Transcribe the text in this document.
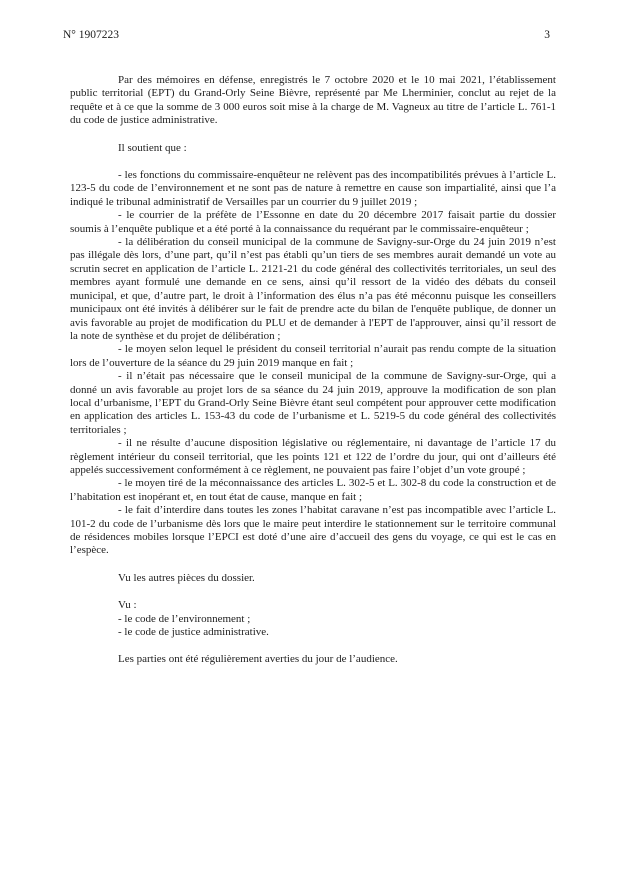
N° 1907223	3

Par des mémoires en défense, enregistrés le 7 octobre 2020 et le 10 mai 2021, l’établissement public territorial (EPT) du Grand-Orly Seine Bièvre, représenté par Me Lherminier, conclut au rejet de la requête et à ce que la somme de 3 000 euros soit mise à la charge de M. Vagneux au titre de l’article L. 761-1 du code de justice administrative.

Il soutient que :

- les fonctions du commissaire-enquêteur ne relèvent pas des incompatibilités prévues à l’article L. 123-5 du code de l’environnement et ne sont pas de nature à remettre en cause son impartialité, ainsi que l’a indiqué le tribunal administratif de Versailles par un courrier du 9 juillet 2019 ;

- le courrier de la préfète de l’Essonne en date du 20 décembre 2017 faisait partie du dossier soumis à l’enquête publique et a été porté à la connaissance du requérant par le commissaire-enquêteur ;

- la délibération du conseil municipal de la commune de Savigny-sur-Orge du 24 juin 2019 n’est pas illégale dès lors, d’une part, qu’il n’est pas établi qu’un tiers de ses membres aurait demandé un vote au scrutin secret en application de l’article L. 2121-21 du code général des collectivités territoriales, un seul des membres ayant formulé une demande en ce sens, ainsi qu’il ressort de la vidéo des débats du conseil municipal, et que, d’autre part, le droit à l’information des élus n’a pas été méconnu puisque les conseillers municipaux ont été invités à délibérer sur le fait de prendre acte du bilan de l'enquête publique, de donner un avis favorable au projet de modification du PLU et de demander à l'EPT de l'approuver, ainsi qu’il ressort de la note de synthèse et du projet de délibération ;

- le moyen selon lequel le président du conseil territorial n’aurait pas rendu compte de la situation lors de l’ouverture de la séance du 29 juin 2019 manque en fait ;

- il n’était pas nécessaire que le conseil municipal de la commune de Savigny-sur-Orge, qui a donné un avis favorable au projet lors de sa séance du 24 juin 2019, approuve la modification de son plan local d’urbanisme, l’EPT du Grand-Orly Seine Bièvre étant seul compétent pour approuver cette modification en application des articles L. 153-43 du code de l’urbanisme et L. 5219-5 du code général des collectivités territoriales ;

- il ne résulte d’aucune disposition législative ou réglementaire, ni davantage de l’article 17 du règlement intérieur du conseil territorial, que les points 121 et 122 de l’ordre du jour, qui ont d’ailleurs été appelés successivement conformément à ce règlement, ne pouvaient pas faire l’objet d’un vote groupé ;

- le moyen tiré de la méconnaissance des articles L. 302-5 et L. 302-8 du code la construction et de l’habitation est inopérant et, en tout état de cause, manque en fait ;

- le fait d’interdire dans toutes les zones l’habitat caravane n’est pas incompatible avec l’article L. 101-2 du code de l’urbanisme dès lors que le maire peut interdire le stationnement sur le territoire communal de résidences mobiles lorsque l’EPCI est doté d’une aire d’accueil des gens du voyage, ce qui est le cas en l’espèce.

Vu les autres pièces du dossier.

Vu :

- le code de l’environnement ;

- le code de justice administrative.

Les parties ont été régulièrement averties du jour de l’audience.
